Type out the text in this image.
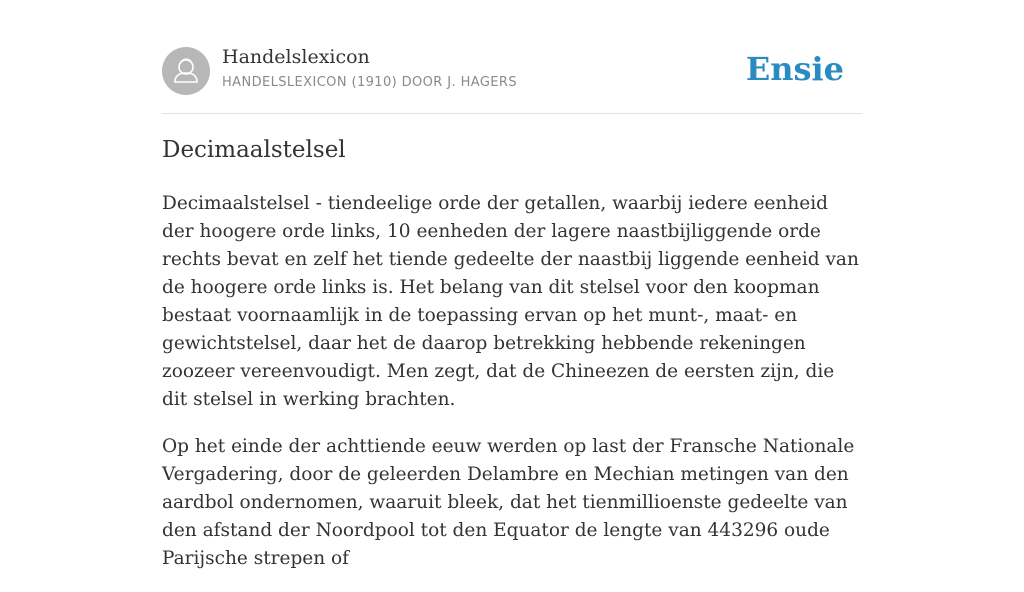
Handelslexicon
HANDELSLEXICON (1910) DOOR J. HAGERS	Ensie
Decimaalstelsel

Decimaalstelsel - tiendeelige orde der getallen, waarbij iedere eenheid der hoogere orde links, 10 eenheden der lagere naastbijliggende orde rechts bevat en zelf het tiende gedeelte der naastbij liggende eenheid van de hoogere orde links is. Het belang van dit stelsel voor den koopman bestaat voornaamlijk in de toepassing ervan op het munt-, maat- en gewichtstelsel, daar het de daarop betrekking hebbende rekeningen zoozeer vereenvoudigt. Men zegt, dat de Chineezen de eersten zijn, die dit stelsel in werking brachten.

Op het einde der achttiende eeuw werden op last der Fransche Nationale Vergadering, door de geleerden Delambre en Mechian metingen van den aardbol ondernomen, waaruit bleek, dat het tienmillioenste gedeelte van den afstand der Noordpool tot den Equator de lengte van 443296 oude Parijsche strepen of
